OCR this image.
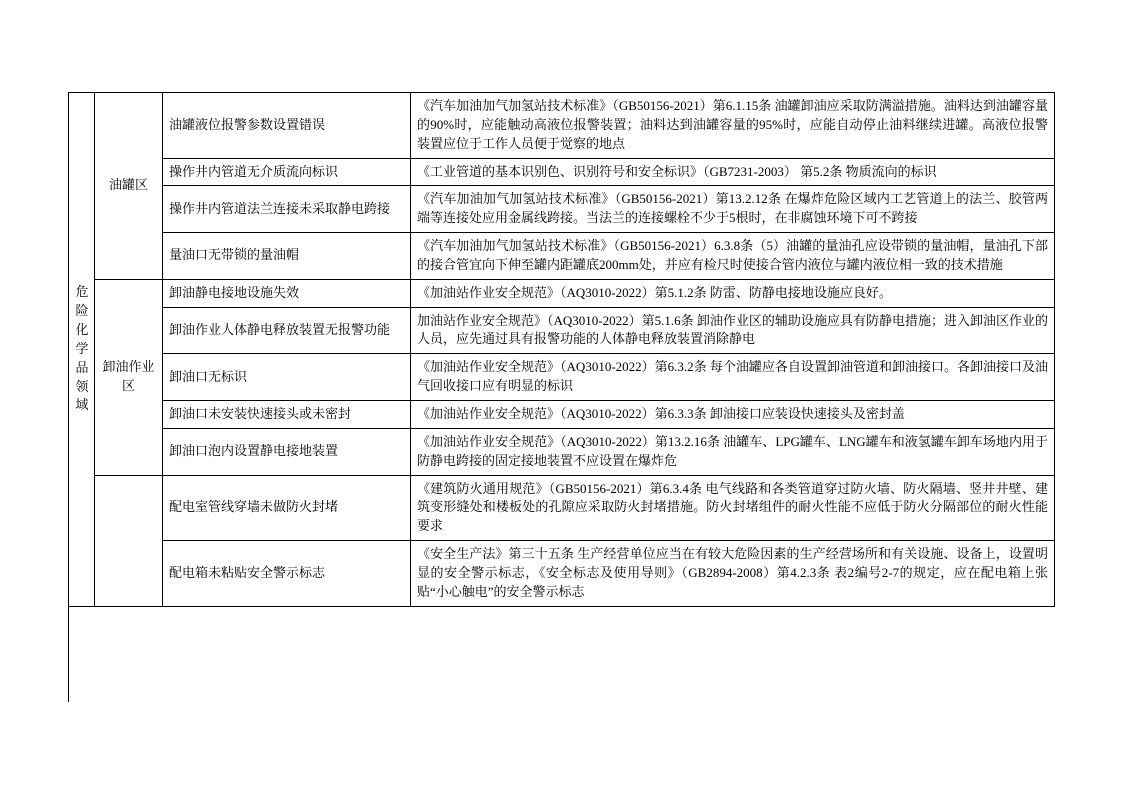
危险化学品领域	油罐区	油罐液位报警参数设置错误	《汽车加油加气加氢站技术标准》（GB50156-2021）第6.1.15条 油罐卸油应采取防满溢措施。油料达到油罐容量的90%时，应能触动高液位报警装置；油料达到油罐容量的95%时，应能自动停止油料继续进罐。高液位报警装置应位于工作人员便于觉察的地点
		操作井内管道无介质流向标识	《工业管道的基本识别色、识别符号和安全标识》（GB7231-2003） 第5.2条 物质流向的标识
		操作井内管道法兰连接未采取静电跨接	《汽车加油加气加氢站技术标准》（GB50156-2021）第13.2.12条 在爆炸危险区域内工艺管道上的法兰、胶管两端等连接处应用金属线跨接。当法兰的连接螺栓不少于5根时，在非腐蚀环境下可不跨接
		量油口无带锁的量油帽	《汽车加油加气加氢站技术标准》（GB50156-2021）6.3.8条（5）油罐的量油孔应设带锁的量油帽，量油孔下部的接合管宜向下伸至罐内距罐底200mm处，并应有检尺时使接合管内液位与罐内液位相一致的技术措施

	卸油作业区	卸油静电接地设施失效	《加油站作业安全规范》（AQ3010-2022）第5.1.2条 防雷、防静电接地设施应良好。
		卸油作业人体静电释放装置无报警功能	加油站作业安全规范》（AQ3010-2022）第5.1.6条 卸油作业区的辅助设施应具有防静电措施；进入卸油区作业的人员，应先通过具有报警功能的人体静电释放装置消除静电
		卸油口无标识	《加油站作业安全规范》（AQ3010-2022）第6.3.2条 每个油罐应各自设置卸油管道和卸油接口。各卸油接口及油气回收接口应有明显的标识
		卸油口未安装快速接头或未密封	《加油站作业安全规范》（AQ3010-2022）第6.3.3条 卸油接口应装设快速接头及密封盖
		卸油口泡内设置静电接地装置	《加油站作业安全规范》（AQ3010-2022）第13.2.16条 油罐车、LPG罐车、LNG罐车和液氢罐车卸车场地内用于防静电跨接的固定接地装置不应设置在爆炸危

		配电室管线穿墙未做防火封堵	《建筑防火通用规范》（GB50156-2021）第6.3.4条 电气线路和各类管道穿过防火墙、防火隔墙、竖井井壁、建筑变形缝处和楼板处的孔隙应采取防火封堵措施。防火封堵组件的耐火性能不应低于防火分隔部位的耐火性能要求
		配电箱未粘贴安全警示标志	《安全生产法》第三十五条 生产经营单位应当在有较大危险因素的生产经营场所和有关设施、设备上，设置明显的安全警示标志，《安全标志及使用导则》（GB2894-2008）第4.2.3条 表2编号2-7的规定，应在配电箱上张贴“小心触电”的安全警示标志
